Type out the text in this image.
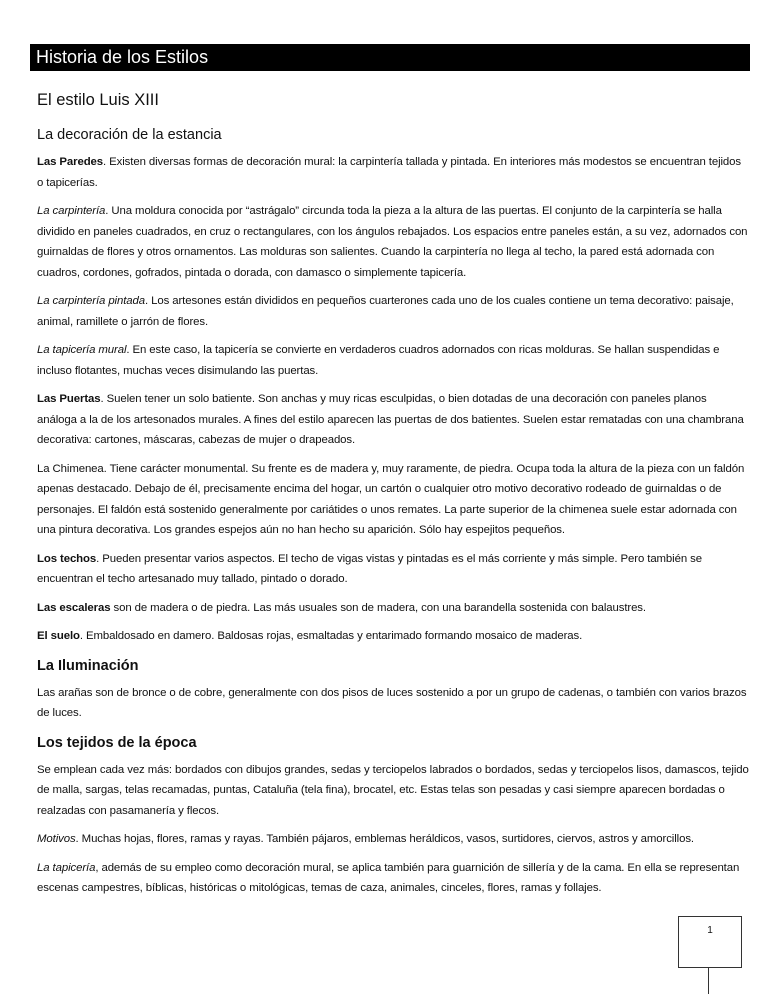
Historia de los Estilos
El estilo Luis XIII
La decoración de la estancia

Las Paredes. Existen diversas formas de decoración mural: la carpintería tallada y pintada. En interiores más modestos se encuentran tejidos o tapicerías.

La carpintería. Una moldura conocida por “astrágalo” circunda toda la pieza a la altura de las puertas. El conjunto de la carpintería se halla dividido en paneles cuadrados, en cruz o rectangulares, con los ángulos rebajados. Los espacios entre paneles están, a su vez, adornados con guirnaldas de flores y otros ornamentos. Las molduras son salientes. Cuando la carpintería no llega al techo, la pared está adornada con cuadros, cordones, gofrados, pintada o dorada, con damasco o simplemente tapicería.

La carpintería pintada. Los artesones están divididos en pequeños cuarterones cada uno de los cuales contiene un tema decorativo: paisaje, animal, ramillete o jarrón de flores.

La tapicería mural. En este caso, la tapicería se convierte en verdaderos cuadros adornados con ricas molduras. Se hallan suspendidas e incluso flotantes, muchas veces disimulando las puertas.

Las Puertas. Suelen tener un solo batiente. Son anchas y muy ricas esculpidas, o bien dotadas de una decoración con paneles planos análoga a la de los artesonados murales. A fines del estilo aparecen las puertas de dos batientes. Suelen estar rematadas con una chambrana decorativa: cartones, máscaras, cabezas de mujer o drapeados.

La Chimenea. Tiene carácter monumental. Su frente es de madera y, muy raramente, de piedra. Ocupa toda la altura de la pieza con un faldón apenas destacado. Debajo de él, precisamente encima del hogar, un cartón o cualquier otro motivo decorativo rodeado de guirnaldas o de personajes. El faldón está sostenido generalmente por cariátides o unos remates. La parte superior de la chimenea suele estar adornada con una pintura decorativa. Los grandes espejos aún no han hecho su aparición. Sólo hay espejitos pequeños.

Los techos. Pueden presentar varios aspectos. El techo de vigas vistas y pintadas es el más corriente y más simple. Pero también se encuentran el techo artesanado muy tallado, pintado o dorado.

Las escaleras son de madera o de piedra. Las más usuales son de madera, con una barandella sostenida con balaustres.

El suelo. Embaldosado en damero. Baldosas rojas, esmaltadas y entarimado formando mosaico de maderas.

La Iluminación

Las arañas son de bronce o de cobre, generalmente con dos pisos de luces sostenido a por un grupo de cadenas, o también con varios brazos de luces.

Los tejidos de la época

Se emplean cada vez más: bordados con dibujos grandes, sedas y terciopelos labrados o bordados, sedas y terciopelos lisos, damascos, tejido de malla, sargas, telas recamadas, puntas, Cataluña (tela fina), brocatel, etc. Estas telas son pesadas y casi siempre aparecen bordadas o realzadas con pasamanería y flecos.

Motivos. Muchas hojas, flores, ramas y rayas. También pájaros, emblemas heráldicos, vasos, surtidores, ciervos, astros y amorcillos.

La tapicería, además de su empleo como decoración mural, se aplica también para guarnición de sillería y de la cama. En ella se representan escenas campestres, bíblicas, históricas o mitológicas, temas de caza, animales, cinceles, flores, ramas y follajes.

1
